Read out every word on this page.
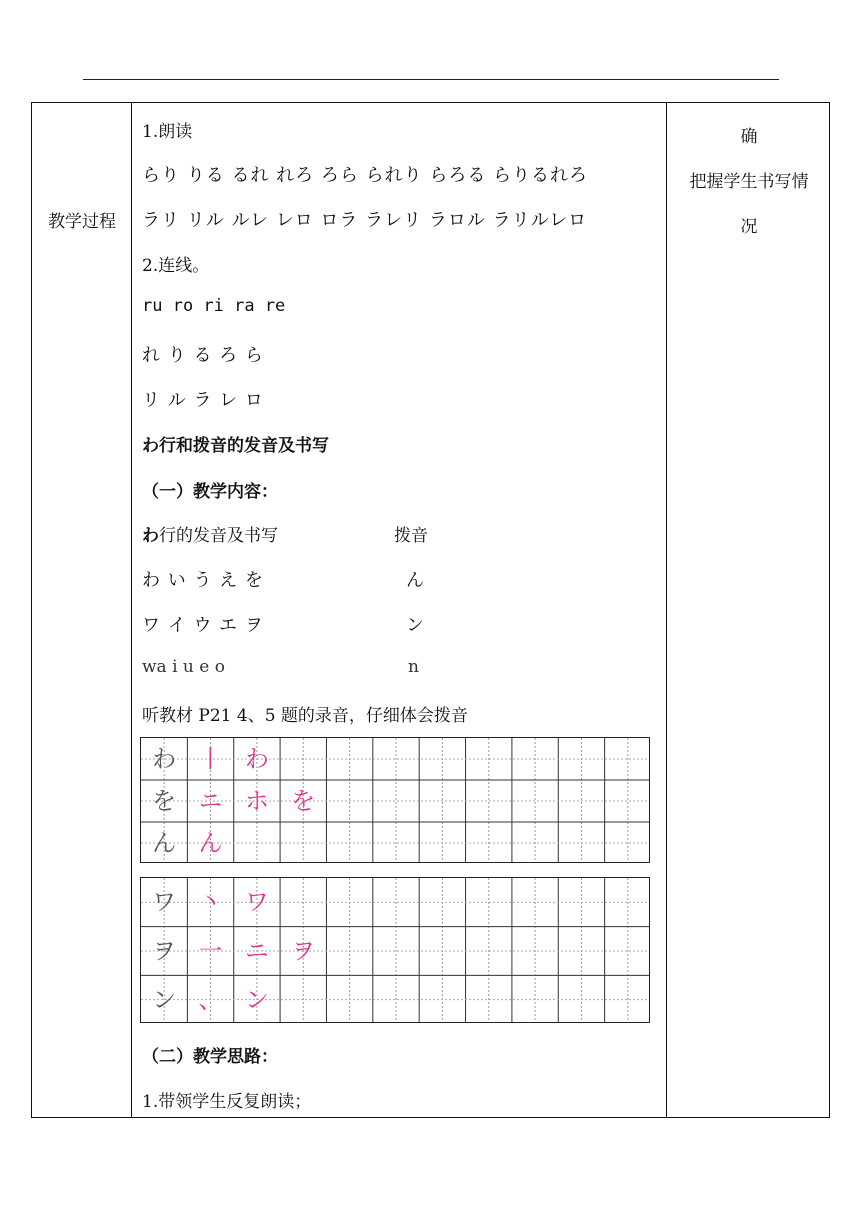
教学过程
确
把握学生书写情
况
1.朗读
らり りる るれ れろ ろら られり らろる らりるれろ
ラリ リル ルレ レロ ロラ ラレリ ラロル ラリルレロ
2.连线。
ru ro ri ra re
れ り る ろ ら
リ ル ラ レ ロ
わ行和拨音的发音及书写
（一）教学内容：
わ行的发音及书写	拨音
わ い う え を	ん
ワ イ ウ エ ヲ	ン
wa i u e o	n
听教材 P21 4、5 题的录音，仔细体会拨音
わ 丨 わ
を ニ ホ を
ん ん
ワ 丶 ワ
ヲ 一 ニ ヲ
ン 、 ン
（二）教学思路：
1.带领学生反复朗读；
